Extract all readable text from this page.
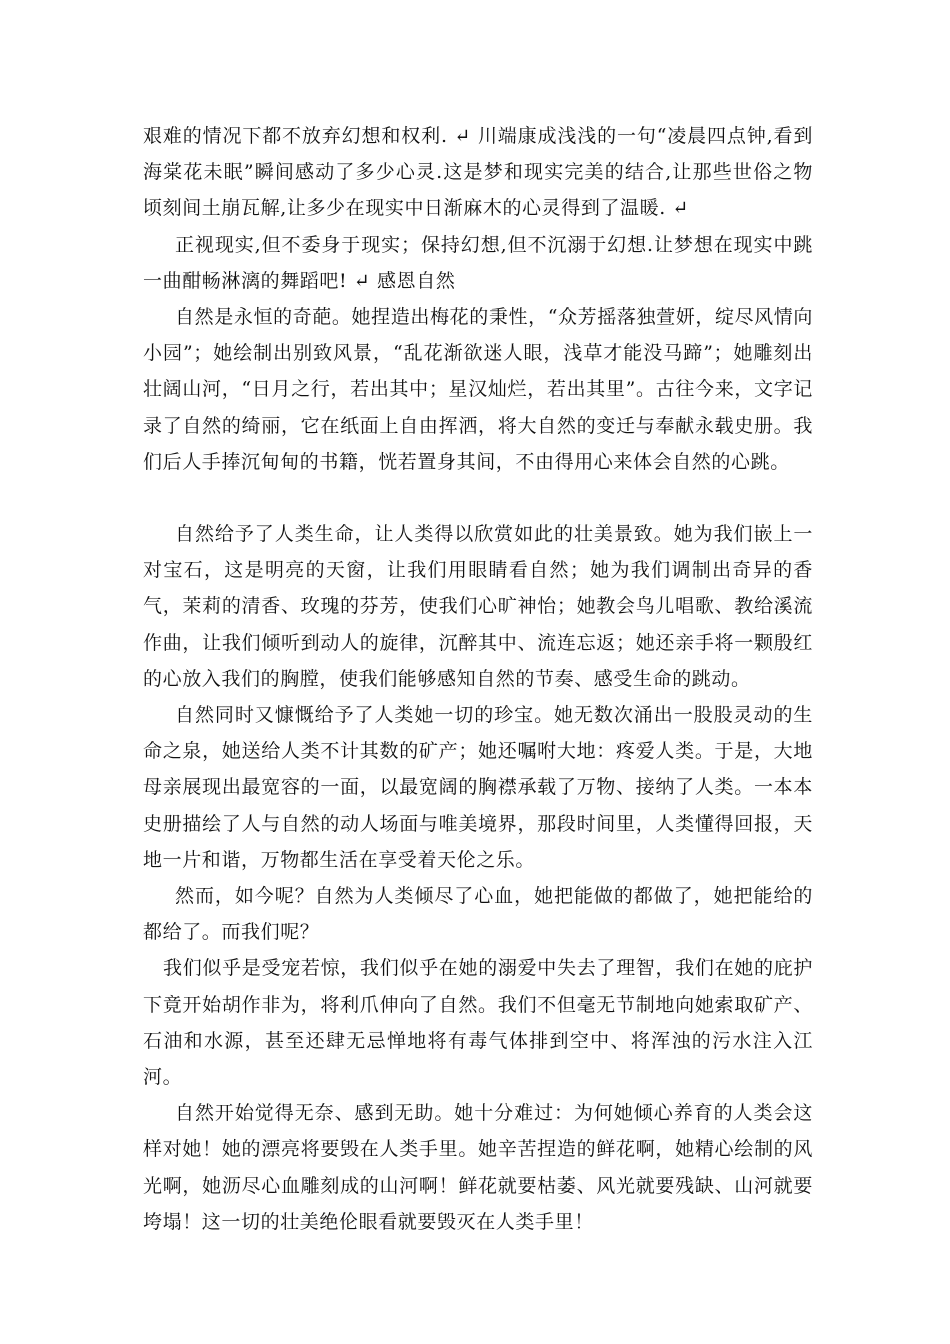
艰难的情况下都不放弃幻想和权利. ↵ 川端康成浅浅的一句“凌晨四点钟,看到海棠花未眠”瞬间感动了多少心灵.这是梦和现实完美的结合,让那些世俗之物顷刻间土崩瓦解,让多少在现实中日渐麻木的心灵得到了温暖. ↵

正视现实,但不委身于现实；保持幻想,但不沉溺于幻想.让梦想在现实中跳一曲酣畅淋漓的舞蹈吧! ↵ 感恩自然

自然是永恒的奇葩。她捏造出梅花的秉性，“众芳摇落独萱妍，绽尽风情向小园”；她绘制出别致风景，“乱花渐欲迷人眼，浅草才能没马蹄”；她雕刻出壮阔山河，“日月之行，若出其中；星汉灿烂，若出其里”。古往今来，文字记录了自然的绮丽，它在纸面上自由挥洒，将大自然的变迁与奉献永载史册。我们后人手捧沉甸甸的书籍，恍若置身其间，不由得用心来体会自然的心跳。

自然给予了人类生命，让人类得以欣赏如此的壮美景致。她为我们嵌上一对宝石，这是明亮的天窗，让我们用眼睛看自然；她为我们调制出奇异的香气，茉莉的清香、玫瑰的芬芳，使我们心旷神怡；她教会鸟儿唱歌、教给溪流作曲，让我们倾听到动人的旋律，沉醉其中、流连忘返；她还亲手将一颗殷红的心放入我们的胸膛，使我们能够感知自然的节奏、感受生命的跳动。

自然同时又慷慨给予了人类她一切的珍宝。她无数次涌出一股股灵动的生命之泉，她送给人类不计其数的矿产；她还嘱咐大地：疼爱人类。于是，大地母亲展现出最宽容的一面，以最宽阔的胸襟承载了万物、接纳了人类。一本本史册描绘了人与自然的动人场面与唯美境界，那段时间里，人类懂得回报，天地一片和谐，万物都生活在享受着天伦之乐。

然而，如今呢？自然为人类倾尽了心血，她把能做的都做了，她把能给的都给了。而我们呢？

我们似乎是受宠若惊，我们似乎在她的溺爱中失去了理智，我们在她的庇护下竟开始胡作非为，将利爪伸向了自然。我们不但毫无节制地向她索取矿产、石油和水源，甚至还肆无忌惮地将有毒气体排到空中、将浑浊的污水注入江河。

自然开始觉得无奈、感到无助。她十分难过：为何她倾心养育的人类会这样对她！她的漂亮将要毁在人类手里。她辛苦捏造的鲜花啊，她精心绘制的风光啊，她沥尽心血雕刻成的山河啊！鲜花就要枯萎、风光就要残缺、山河就要垮塌！这一切的壮美绝伦眼看就要毁灭在人类手里！
